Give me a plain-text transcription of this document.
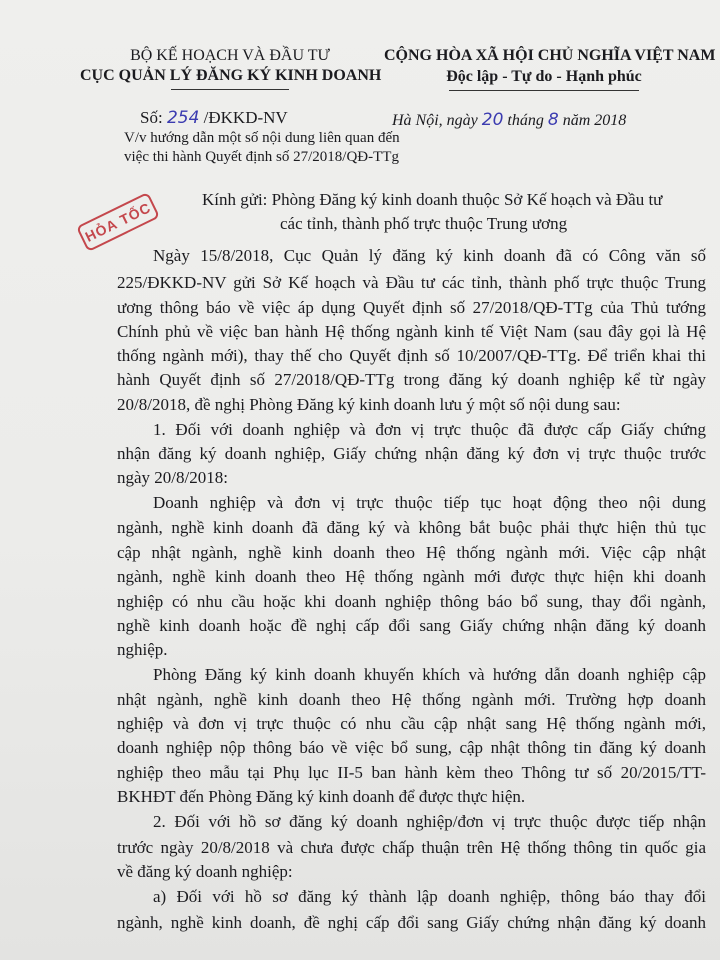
BỘ KẾ HOẠCH VÀ ĐẦU TƯ
CỤC QUẢN LÝ ĐĂNG KÝ KINH DOANH
CỘNG HÒA XÃ HỘI CHỦ NGHĨA VIỆT NAM
Độc lập - Tự do - Hạnh phúc
Số: 254 /ĐKKD-NV
V/v hướng dẫn một số nội dung liên quan đến
việc thi hành Quyết định số 27/2018/QĐ-TTg
Hà Nội, ngày 20 tháng 8 năm 2018
Kính gửi: Phòng Đăng ký kinh doanh thuộc Sở Kế hoạch và Đầu tư
các tỉnh, thành phố trực thuộc Trung ương
HỎA TỐC
Ngày 15/8/2018, Cục Quản lý đăng ký kinh doanh đã có Công văn số
225/ĐKKD-NV gửi Sở Kế hoạch và Đầu tư các tỉnh, thành phố trực thuộc Trung
ương thông báo về việc áp dụng Quyết định số 27/2018/QĐ-TTg của Thủ tướng
Chính phủ về việc ban hành Hệ thống ngành kinh tế Việt Nam (sau đây gọi là Hệ
thống ngành mới), thay thế cho Quyết định số 10/2007/QĐ-TTg. Để triển khai thi
hành Quyết định số 27/2018/QĐ-TTg trong đăng ký doanh nghiệp kể từ ngày
20/8/2018, đề nghị Phòng Đăng ký kinh doanh lưu ý một số nội dung sau:
1. Đối với doanh nghiệp và đơn vị trực thuộc đã được cấp Giấy chứng
nhận đăng ký doanh nghiệp, Giấy chứng nhận đăng ký đơn vị trực thuộc trước
ngày 20/8/2018:
Doanh nghiệp và đơn vị trực thuộc tiếp tục hoạt động theo nội dung
ngành, nghề kinh doanh đã đăng ký và không bắt buộc phải thực hiện thủ tục
cập nhật ngành, nghề kinh doanh theo Hệ thống ngành mới. Việc cập nhật
ngành, nghề kinh doanh theo Hệ thống ngành mới được thực hiện khi doanh
nghiệp có nhu cầu hoặc khi doanh nghiệp thông báo bổ sung, thay đổi ngành,
nghề kinh doanh hoặc đề nghị cấp đổi sang Giấy chứng nhận đăng ký doanh
nghiệp.
Phòng Đăng ký kinh doanh khuyến khích và hướng dẫn doanh nghiệp cập
nhật ngành, nghề kinh doanh theo Hệ thống ngành mới. Trường hợp doanh
nghiệp và đơn vị trực thuộc có nhu cầu cập nhật sang Hệ thống ngành mới,
doanh nghiệp nộp thông báo về việc bổ sung, cập nhật thông tin đăng ký doanh
nghiệp theo mẫu tại Phụ lục II-5 ban hành kèm theo Thông tư số 20/2015/TT-
BKHĐT đến Phòng Đăng ký kinh doanh để được thực hiện.
2. Đối với hồ sơ đăng ký doanh nghiệp/đơn vị trực thuộc được tiếp nhận
trước ngày 20/8/2018 và chưa được chấp thuận trên Hệ thống thông tin quốc gia
về đăng ký doanh nghiệp:
a) Đối với hồ sơ đăng ký thành lập doanh nghiệp, thông báo thay đổi
ngành, nghề kinh doanh, đề nghị cấp đổi sang Giấy chứng nhận đăng ký doanh
